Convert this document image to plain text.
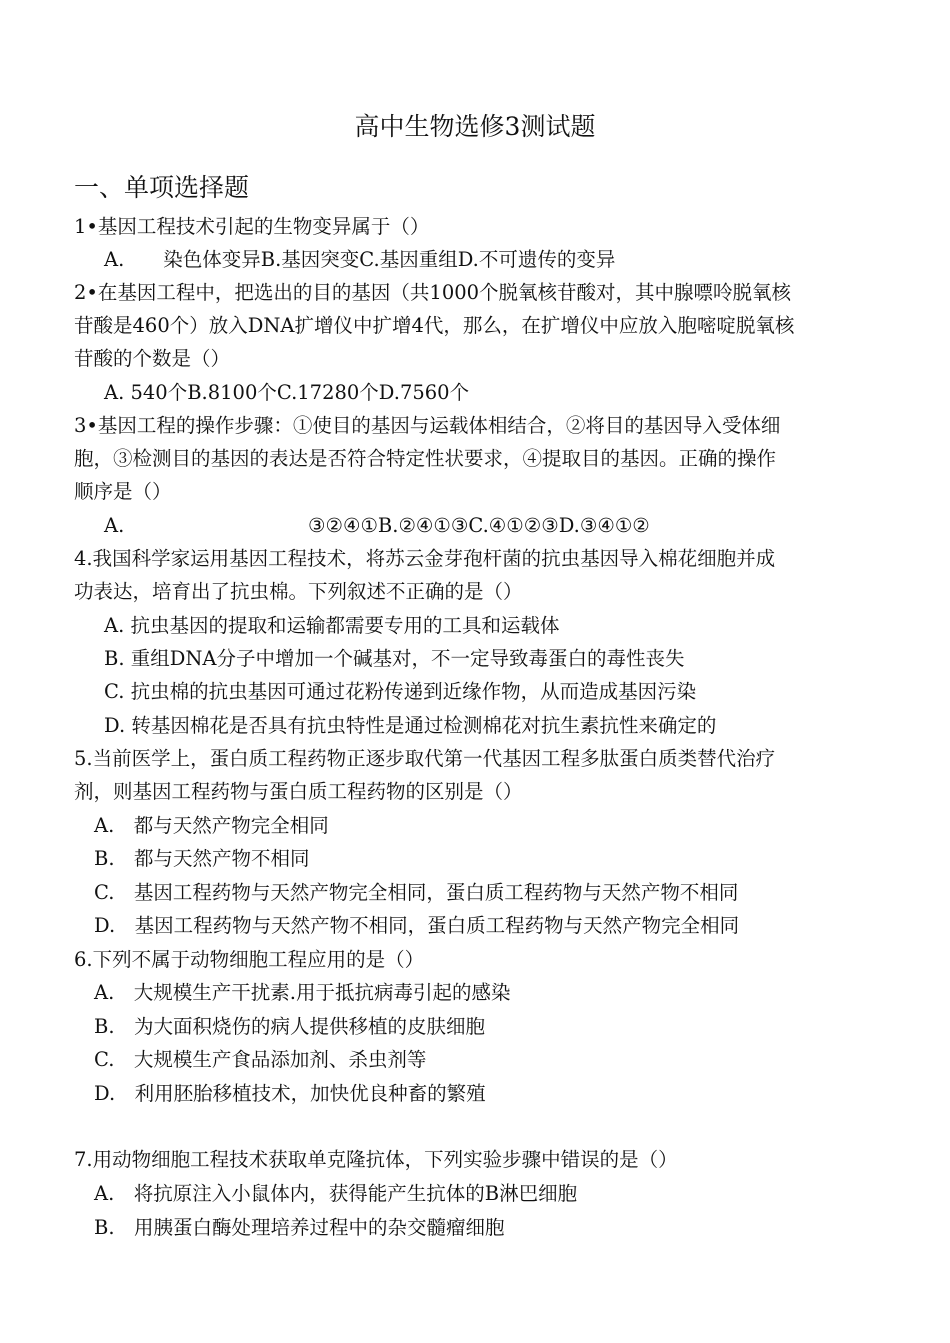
高中生物选修3测试题
一、单项选择题
1•基因工程技术引起的生物变异属于（）
A.　　染色体变异B.基因突变C.基因重组D.不可遗传的变异
2•在基因工程中，把选出的目的基因（共1000个脱氧核苷酸对，其中腺嘌呤脱氧核
苷酸是460个）放入DNA扩增仪中扩增4代，那么，在扩增仪中应放入胞嘧啶脱氧核
苷酸的个数是（）
A. 540个B.8100个C.17280个D.7560个
3•基因工程的操作步骤：①使目的基因与运载体相结合，②将目的基因导入受体细
胞，③检测目的基因的表达是否符合特定性状要求，④提取目的基因。正确的操作
顺序是（）
A.	③②④①B.②④①③C.④①②③D.③④①②
4.我国科学家运用基因工程技术，将苏云金芽孢杆菌的抗虫基因导入棉花细胞并成
功表达，培育出了抗虫棉。下列叙述不正确的是（）
A. 抗虫基因的提取和运输都需要专用的工具和运载体
B. 重组DNA分子中增加一个碱基对，不一定导致毒蛋白的毒性丧失
C. 抗虫棉的抗虫基因可通过花粉传递到近缘作物，从而造成基因污染
D. 转基因棉花是否具有抗虫特性是通过检测棉花对抗生素抗性来确定的
5.当前医学上，蛋白质工程药物正逐步取代第一代基因工程多肽蛋白质类替代治疗
剂，则基因工程药物与蛋白质工程药物的区别是（）
A.　都与天然产物完全相同
B.　都与天然产物不相同
C.　基因工程药物与天然产物完全相同，蛋白质工程药物与天然产物不相同
D.　基因工程药物与天然产物不相同，蛋白质工程药物与天然产物完全相同
6.下列不属于动物细胞工程应用的是（）
A.　大规模生产干扰素.用于抵抗病毒引起的感染
B.　为大面积烧伤的病人提供移植的皮肤细胞
C.　大规模生产食品添加剂、杀虫剂等
D.　利用胚胎移植技术，加快优良种畜的繁殖
7.用动物细胞工程技术获取单克隆抗体，下列实验步骤中错误的是（）
A.　将抗原注入小鼠体内，获得能产生抗体的B淋巴细胞
B.　用胰蛋白酶处理培养过程中的杂交髓瘤细胞
